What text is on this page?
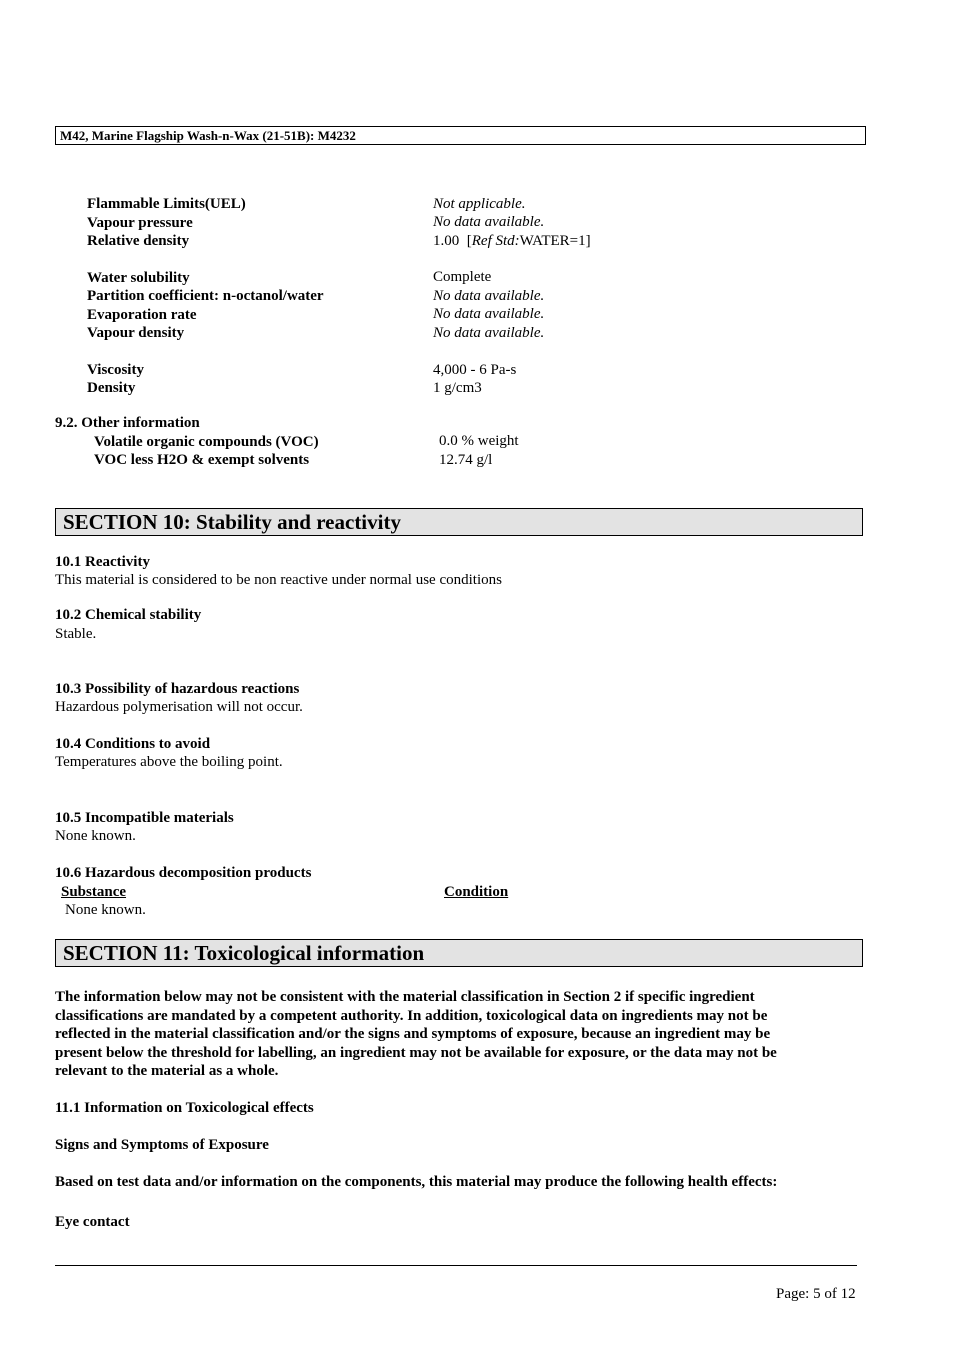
M42, Marine Flagship Wash-n-Wax (21-51B): M4232
Flammable Limits(UEL)	Not applicable.
Vapour pressure	No data available.
Relative density	1.00  [Ref Std:WATER=1]
Water solubility	Complete
Partition coefficient: n-octanol/water	No data available.
Evaporation rate	No data available.
Vapour density	No data available.
Viscosity	4,000 - 6 Pa-s
Density	1 g/cm3
9.2. Other information
Volatile organic compounds (VOC)	0.0 % weight
VOC less H2O & exempt solvents	12.74 g/l
SECTION 10: Stability and reactivity
10.1 Reactivity
This material is considered to be non reactive under normal use conditions
10.2 Chemical stability
Stable.
10.3 Possibility of hazardous reactions
Hazardous polymerisation will not occur.
10.4 Conditions to avoid
Temperatures above the boiling point.
10.5 Incompatible materials
None known.
10.6 Hazardous decomposition products
Substance	Condition
None known.
SECTION 11: Toxicological information
The information below may not be consistent with the material classification in Section 2 if specific ingredient
classifications are mandated by a competent authority. In addition, toxicological data on ingredients may not be
reflected in the material classification and/or the signs and symptoms of exposure, because an ingredient may be
present below the threshold for labelling, an ingredient may not be available for exposure, or the data may not be
relevant to the material as a whole.
11.1 Information on Toxicological effects
Signs and Symptoms of Exposure
Based on test data and/or information on the components, this material may produce the following health effects:
Eye contact
Page: 5 of 12
